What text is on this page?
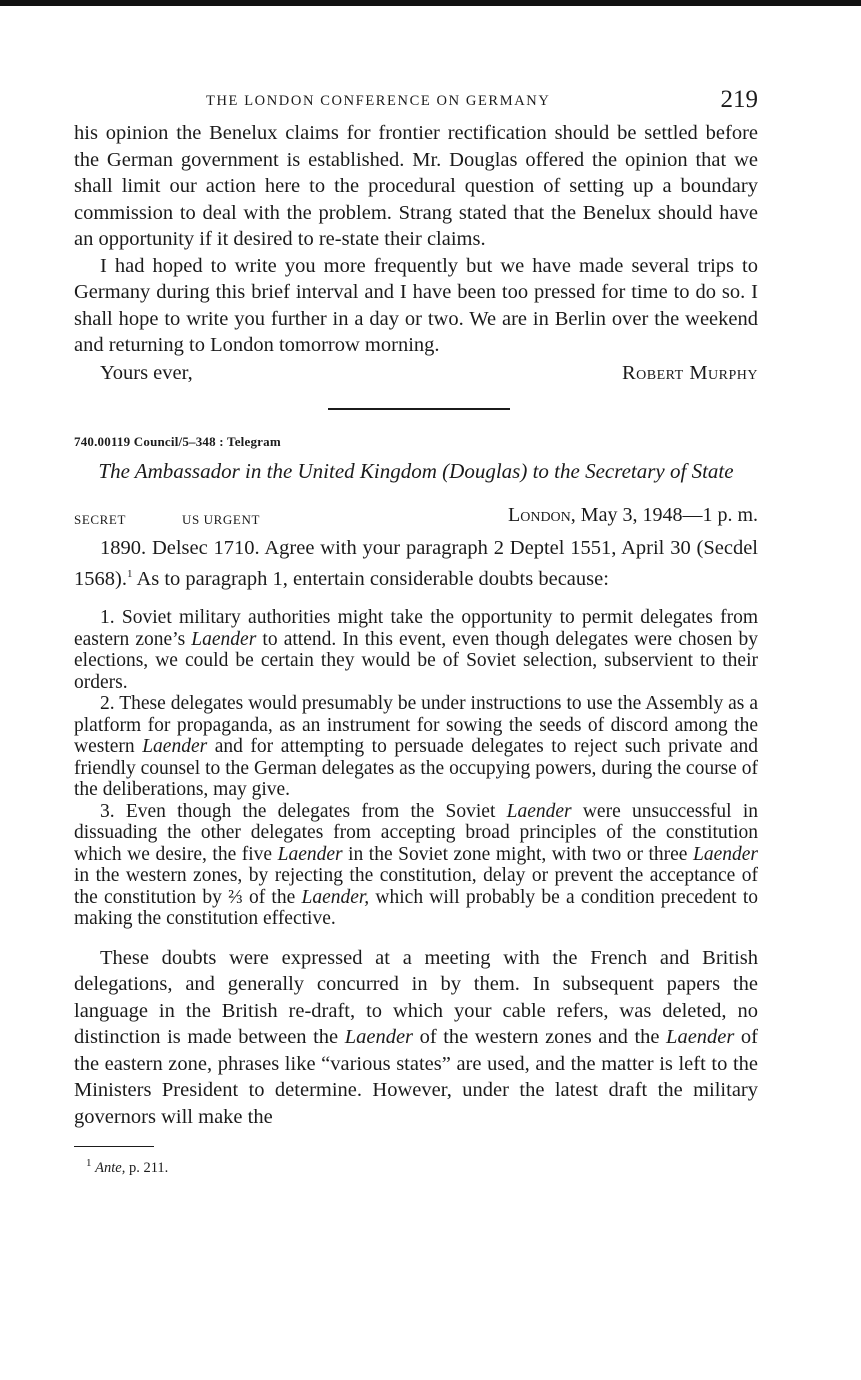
THE LONDON CONFERENCE ON GERMANY	219

his opinion the Benelux claims for frontier rectification should be settled before the German government is established. Mr. Douglas offered the opinion that we shall limit our action here to the procedural question of setting up a boundary commission to deal with the problem. Strang stated that the Benelux should have an opportunity if it desired to re-state their claims.

I had hoped to write you more frequently but we have made several trips to Germany during this brief interval and I have been too pressed for time to do so. I shall hope to write you further in a day or two. We are in Berlin over the weekend and returning to London tomorrow morning.

Yours ever,	Robert Murphy
740.00119 Council/5–348 : Telegram
The Ambassador in the United Kingdom (Douglas) to the Secretary of State
SECRET	US URGENT	London, May 3, 1948—1 p. m.

1890. Delsec 1710. Agree with your paragraph 2 Deptel 1551, April 30 (Secdel 1568).$^1$ As to paragraph 1, entertain considerable doubts because:

1. Soviet military authorities might take the opportunity to permit delegates from eastern zone’s Laender to attend. In this event, even though delegates were chosen by elections, we could be certain they would be of Soviet selection, subservient to their orders.

2. These delegates would presumably be under instructions to use the Assembly as a platform for propaganda, as an instrument for sowing the seeds of discord among the western Laender and for attempting to persuade delegates to reject such private and friendly counsel to the German delegates as the occupying powers, during the course of the deliberations, may give.

3. Even though the delegates from the Soviet Laender were unsuccessful in dissuading the other delegates from accepting broad principles of the constitution which we desire, the five Laender in the Soviet zone might, with two or three Laender in the western zones, by rejecting the constitution, delay or prevent the acceptance of the constitution by ⅔ of the Laender, which will probably be a condition precedent to making the constitution effective.

These doubts were expressed at a meeting with the French and British delegations, and generally concurred in by them. In subsequent papers the language in the British re-draft, to which your cable refers, was deleted, no distinction is made between the Laender of the western zones and the Laender of the eastern zone, phrases like “various states” are used, and the matter is left to the Ministers President to determine. However, under the latest draft the military governors will make the

$^1$ Ante, p. 211.
